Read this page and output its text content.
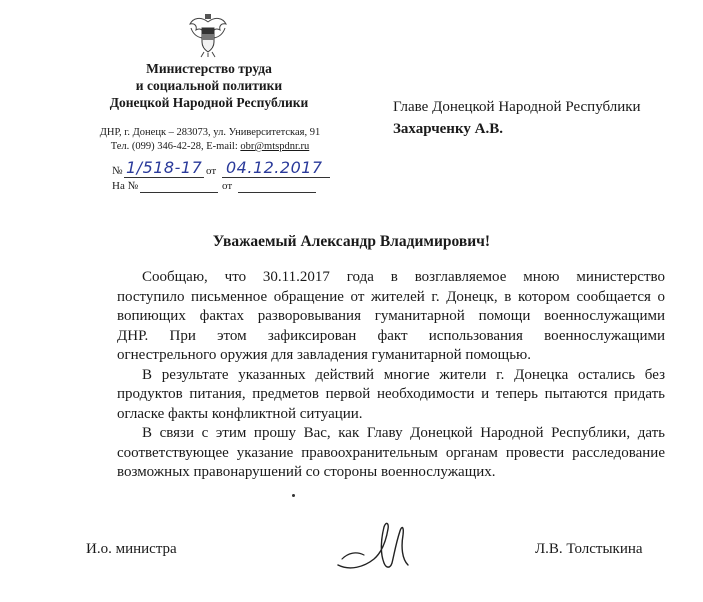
Министерство труда
и социальной политики
Донецкой Народной Республики
ДНР, г. Донецк – 283073, ул. Университетская, 91
Тел. (099) 346-42-28, E-mail: obr@mtspdnr.ru
№ 1/518-17 от 04.12.2017
На №	от
Главе Донецкой Народной Республики
Захарченку А.В.
Уважаемый Александр Владимирович!
Сообщаю, что 30.11.2017 года в возглавляемое мною министерство
поступило письменное обращение от жителей г. Донецк, в котором сообщается о
вопиющих фактах разворовывания гуманитарной помощи военнослужащими
ДНР. При этом зафиксирован факт использования военнослужащими
огнестрельного оружия для завладения гуманитарной помощью.
В результате указанных действий многие жители г. Донецка остались без
продуктов питания, предметов первой необходимости и теперь пытаются придать
огласке факты конфликтной ситуации.
В связи с этим прошу Вас, как Главу Донецкой Народной Республики, дать
соответствующее указание правоохранительным органам провести расследование
возможных правонарушений со стороны военнослужащих.
И.о. министра	Л.В. Толстыкина
